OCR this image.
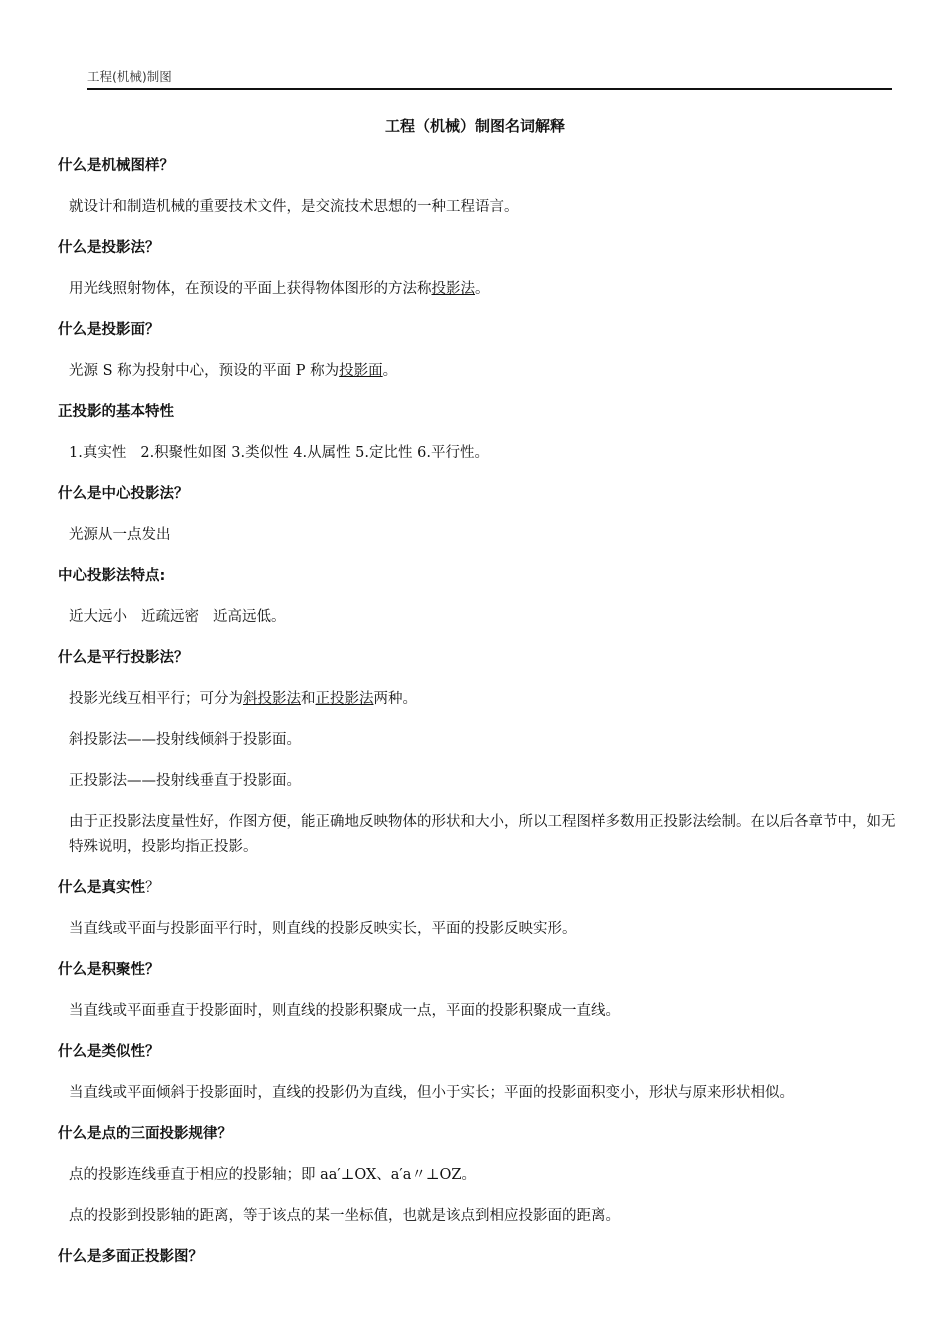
工程(机械)制图
工程（机械）制图名词解释
什么是机械图样？
就设计和制造机械的重要技术文件，是交流技术思想的一种工程语言。
什么是投影法？
用光线照射物体，在预设的平面上获得物体图形的方法称投影法。
什么是投影面？
光源 S 称为投射中心，预设的平面 P 称为投影面。
正投影的基本特性
1.真实性 2.积聚性如图 3.类似性 4.从属性 5.定比性 6.平行性。
什么是中心投影法？
光源从一点发出
中心投影法特点:
近大远小 近疏远密 近高远低。
什么是平行投影法？
投影光线互相平行；可分为斜投影法和正投影法两种。
斜投影法——投射线倾斜于投影面。
正投影法——投射线垂直于投影面。
由于正投影法度量性好，作图方便，能正确地反映物体的形状和大小，所以工程图样多数用正投影法绘制。在以后各章节中，如无特殊说明，投影均指正投影。
什么是真实性？
当直线或平面与投影面平行时，则直线的投影反映实长，平面的投影反映实形。
什么是积聚性？
当直线或平面垂直于投影面时，则直线的投影积聚成一点，平面的投影积聚成一直线。
什么是类似性？
当直线或平面倾斜于投影面时，直线的投影仍为直线，但小于实长；平面的投影面积变小，形状与原来形状相似。
什么是点的三面投影规律？
点的投影连线垂直于相应的投影轴；即 aa′⊥OX、a′a〃⊥OZ。
点的投影到投影轴的距离，等于该点的某一坐标值，也就是该点到相应投影面的距离。
什么是多面正投影图？
